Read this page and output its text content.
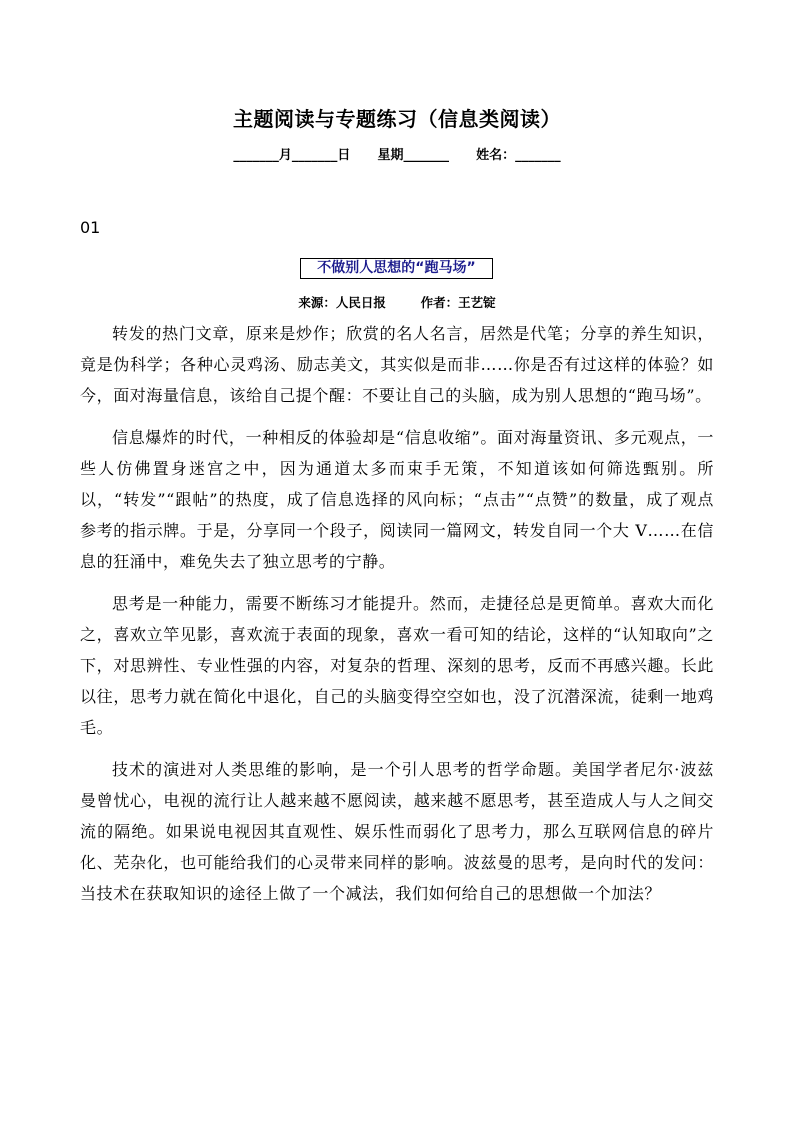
主题阅读与专题练习（信息类阅读）
_______月_______日      星期_______      姓名：_______
01
不做别人思想的“跑马场”
来源：人民日报        作者：王艺锭

转发的热门文章，原来是炒作；欣赏的名人名言，居然是代笔；分享的养生知识，竟是伪科学；各种心灵鸡汤、励志美文，其实似是而非……你是否有过这样的体验？如今，面对海量信息，该给自己提个醒：不要让自己的头脑，成为别人思想的“跑马场”。

信息爆炸的时代，一种相反的体验却是“信息收缩”。面对海量资讯、多元观点，一些人仿佛置身迷宫之中，因为通道太多而束手无策，不知道该如何筛选甄别。所以，“转发”“跟帖”的热度，成了信息选择的风向标；“点击”“点赞”的数量，成了观点参考的指示牌。于是，分享同一个段子，阅读同一篇网文，转发自同一个大 V……在信息的狂涌中，难免失去了独立思考的宁静。

思考是一种能力，需要不断练习才能提升。然而，走捷径总是更简单。喜欢大而化之，喜欢立竿见影，喜欢流于表面的现象，喜欢一看可知的结论，这样的“认知取向”之下，对思辨性、专业性强的内容，对复杂的哲理、深刻的思考，反而不再感兴趣。长此以往，思考力就在简化中退化，自己的头脑变得空空如也，没了沉潜深流，徒剩一地鸡毛。

技术的演进对人类思维的影响，是一个引人思考的哲学命题。美国学者尼尔·波兹曼曾忧心，电视的流行让人越来越不愿阅读，越来越不愿思考，甚至造成人与人之间交流的隔绝。如果说电视因其直观性、娱乐性而弱化了思考力，那么互联网信息的碎片化、芜杂化，也可能给我们的心灵带来同样的影响。波兹曼的思考，是向时代的发问：当技术在获取知识的途径上做了一个减法，我们如何给自己的思想做一个加法？
